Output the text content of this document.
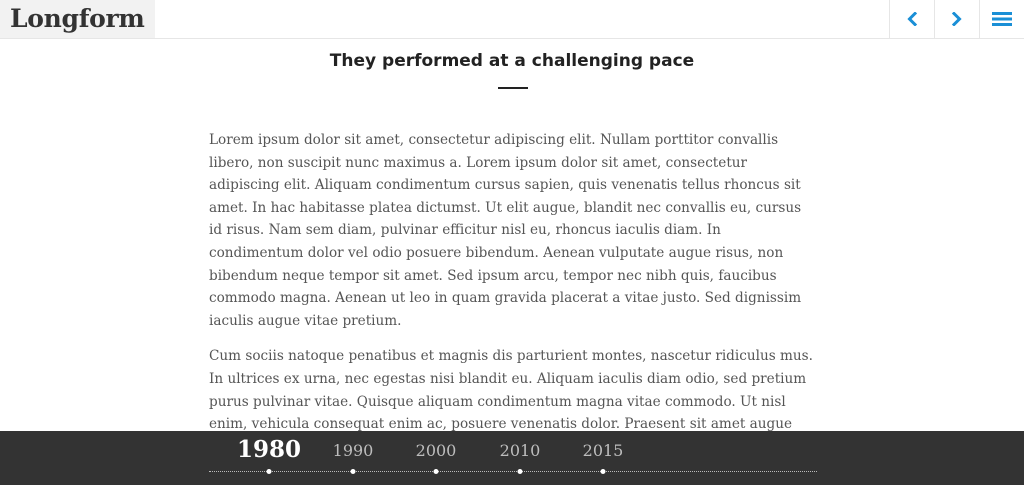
Longform
They performed at a challenging pace

Lorem ipsum dolor sit amet, consectetur adipiscing elit. Nullam porttitor convallis libero, non suscipit nunc maximus a. Lorem ipsum dolor sit amet, consectetur adipiscing elit. Aliquam condimentum cursus sapien, quis venenatis tellus rhoncus sit amet. In hac habitasse platea dictumst. Ut elit augue, blandit nec convallis eu, cursus id risus. Nam sem diam, pulvinar efficitur nisl eu, rhoncus iaculis diam. In condimentum dolor vel odio posuere bibendum. Aenean vulputate augue risus, non bibendum neque tempor sit amet. Sed ipsum arcu, tempor nec nibh quis, faucibus commodo magna. Aenean ut leo in quam gravida placerat a vitae justo. Sed dignissim iaculis augue vitae pretium.

Cum sociis natoque penatibus et magnis dis parturient montes, nascetur ridiculus mus. In ultrices ex urna, nec egestas nisi blandit eu. Aliquam iaculis diam odio, sed pretium purus pulvinar vitae. Quisque aliquam condimentum magna vitae commodo. Ut nisl enim, vehicula consequat enim ac, posuere venenatis dolor. Praesent sit amet augue

1980 1990	2000	2010	2015
